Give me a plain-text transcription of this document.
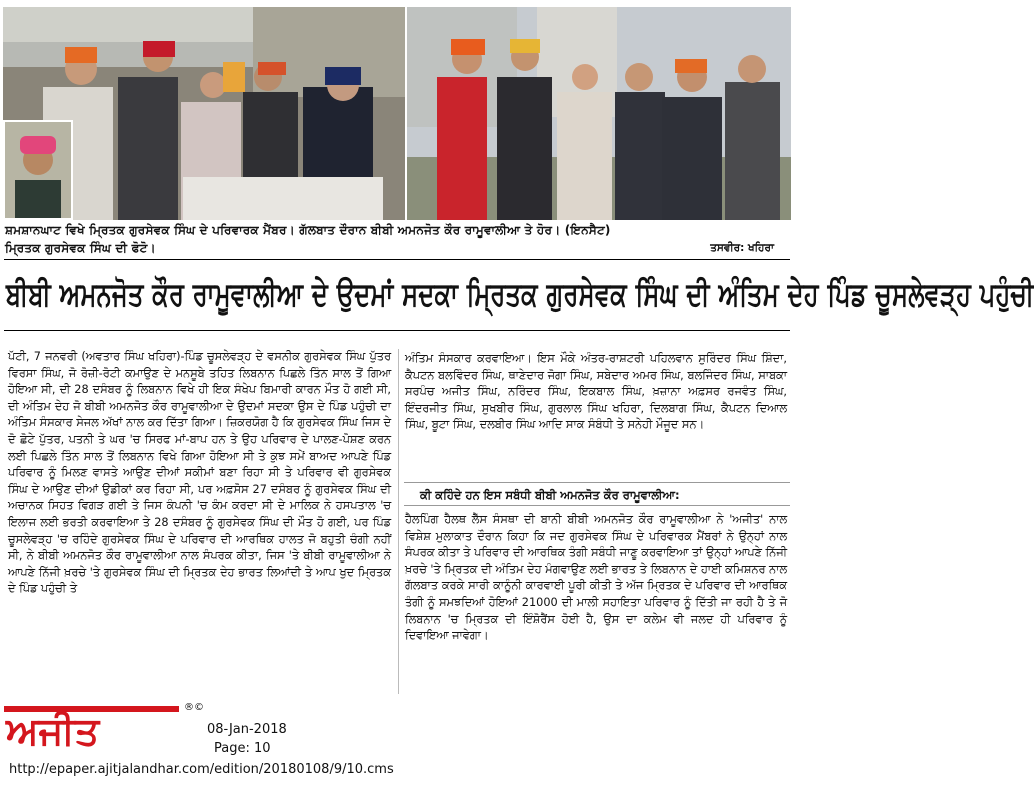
ਸ਼ਮਸ਼ਾਨਘਾਟ ਵਿਖੇ ਮ੍ਰਿਤਕ ਗੁਰਸੇਵਕ ਸਿੰਘ ਦੇ ਪਰਿਵਾਰਕ ਮੈਂਬਰ। ਗੱਲਬਾਤ ਦੌਰਾਨ ਬੀਬੀ ਅਮਨਜੋਤ ਕੌਰ ਰਾਮੂਵਾਲੀਆ ਤੇ ਹੋਰ। (ਇਨਸੈਟ)
ਮ੍ਰਿਤਕ ਗੁਰਸੇਵਕ ਸਿੰਘ ਦੀ ਫੋਟੋ।	ਤਸਵੀਰ: ਖਹਿਰਾ
ਬੀਬੀ ਅਮਨਜੋਤ ਕੌਰ ਰਾਮੂਵਾਲੀਆ ਦੇ ਉਦਮਾਂ ਸਦਕਾ ਮ੍ਰਿਤਕ ਗੁਰਸੇਵਕ ਸਿੰਘ ਦੀ ਅੰਤਿਮ ਦੇਹ ਪਿੰਡ ਚੂਸਲੇਵੜ੍ਹ ਪਹੁੰਚੀ

ਪੱਟੀ, 7 ਜਨਵਰੀ (ਅਵਤਾਰ ਸਿੰਘ ਖਹਿਰਾ)-ਪਿੰਡ ਚੂਸਲੇਵੜ੍ਹ ਦੇ ਵਸਨੀਕ ਗੁਰਸੇਵਕ ਸਿੰਘ ਪੁੱਤਰ ਵਿਰਸਾ ਸਿੰਘ, ਜੋ ਰੋਜ਼ੀ-ਰੋਟੀ ਕਮਾਉਣ ਦੇ ਮਨਸੂਬੇ ਤਹਿਤ ਲਿਬਨਾਨ ਪਿਛਲੇ ਤਿੰਨ ਸਾਲ ਤੋਂ ਗਿਆ ਹੋਇਆ ਸੀ, ਦੀ 28 ਦਸੰਬਰ ਨੂੰ ਲਿਬਨਾਨ ਵਿਖੇ ਹੀ ਇਕ ਸੰਖੇਪ ਬਿਮਾਰੀ ਕਾਰਨ ਮੌਤ ਹੋ ਗਈ ਸੀ, ਦੀ ਅੰਤਿਮ ਦੇਹ ਜੋ ਬੀਬੀ ਅਮਨਜੋਤ ਕੌਰ ਰਾਮੂਵਾਲੀਆ ਦੇ ਉਦਮਾਂ ਸਦਕਾ ਉਸ ਦੇ ਪਿੰਡ ਪਹੁੰਚੀ ਦਾ ਅੰਤਿਮ ਸੰਸਕਾਰ ਸੇਜਲ ਅੱਖਾਂ ਨਾਲ ਕਰ ਦਿੱਤਾ ਗਿਆ। ਜ਼ਿਕਰਯੋਗ ਹੈ ਕਿ ਗੁਰਸੇਵਕ ਸਿੰਘ ਜਿਸ ਦੇ ਦੋ ਛੋਟੇ ਪੁੱਤਰ, ਪਤਨੀ ਤੇ ਘਰ 'ਚ ਸਿਰਫ ਮਾਂ-ਬਾਪ ਹਨ ਤੇ ਉਹ ਪਰਿਵਾਰ ਦੇ ਪਾਲਣ-ਪੋਸ਼ਣ ਕਰਨ ਲਈ ਪਿਛਲੇ ਤਿੰਨ ਸਾਲ ਤੋਂ ਲਿਬਨਾਨ ਵਿਖੇ ਗਿਆ ਹੋਇਆ ਸੀ ਤੇ ਕੁਝ ਸਮੇਂ ਬਾਅਦ ਆਪਣੇ ਪਿੰਡ ਪਰਿਵਾਰ ਨੂੰ ਮਿਲਣ ਵਾਸਤੇ ਆਉਣ ਦੀਆਂ ਸਕੀਮਾਂ ਬਣਾ ਰਿਹਾ ਸੀ ਤੇ ਪਰਿਵਾਰ ਵੀ ਗੁਰਸੇਵਕ ਸਿੰਘ ਦੇ ਆਉਣ ਦੀਆਂ ਉਡੀਕਾਂ ਕਰ ਰਿਹਾ ਸੀ, ਪਰ ਅਫ਼ਸੋਸ 27 ਦਸੰਬਰ ਨੂੰ ਗੁਰਸੇਵਕ ਸਿੰਘ ਦੀ ਅਚਾਨਕ ਸਿਹਤ ਵਿਗੜ ਗਈ ਤੇ ਜਿਸ ਕੰਪਨੀ 'ਚ ਕੰਮ ਕਰਦਾ ਸੀ ਦੇ ਮਾਲਿਕ ਨੇ ਹਸਪਤਾਲ 'ਚ ਇਲਾਜ ਲਈ ਭਰਤੀ ਕਰਵਾਇਆ ਤੇ 28 ਦਸੰਬਰ ਨੂੰ ਗੁਰਸੇਵਕ ਸਿੰਘ ਦੀ ਮੌਤ ਹੋ ਗਈ, ਪਰ ਪਿੰਡ ਚੂਸਲੇਵੜ੍ਹ 'ਚ ਰਹਿੰਦੇ ਗੁਰਸੇਵਕ ਸਿੰਘ ਦੇ ਪਰਿਵਾਰ ਦੀ ਆਰਥਿਕ ਹਾਲਤ ਜੋ ਬਹੁਤੀ ਚੰਗੀ ਨਹੀਂ ਸੀ, ਨੇ ਬੀਬੀ ਅਮਨਜੋਤ ਕੌਰ ਰਾਮੂਵਾਲੀਆ ਨਾਲ ਸੰਪਰਕ ਕੀਤਾ, ਜਿਸ 'ਤੇ ਬੀਬੀ ਰਾਮੂਵਾਲੀਆ ਨੇ ਆਪਣੇ ਨਿੱਜੀ ਖ਼ਰਚੇ 'ਤੇ ਗੁਰਸੇਵਕ ਸਿੰਘ ਦੀ ਮ੍ਰਿਤਕ ਦੇਹ ਭਾਰਤ ਲਿਆਂਦੀ ਤੇ ਆਪ ਖੁਦ ਮ੍ਰਿਤਕ ਦੇ ਪਿੰਡ ਪਹੁੰਚੀ ਤੇ

ਅੰਤਿਮ ਸੰਸਕਾਰ ਕਰਵਾਇਆ। ਇਸ ਮੌਕੇ ਅੰਤਰ-ਰਾਸ਼ਟਰੀ ਪਹਿਲਵਾਨ ਸੁਰਿੰਦਰ ਸਿੰਘ ਸ਼ਿੰਦਾ, ਕੈਪਟਨ ਬਲਵਿੰਦਰ ਸਿੰਘ, ਥਾਣੇਦਾਰ ਜੋਗਾ ਸਿੰਘ, ਸਬੇਦਾਰ ਅਮਰ ਸਿੰਘ, ਬਲਜਿੰਦਰ ਸਿੰਘ, ਸਾਬਕਾ ਸਰਪੰਚ ਅਜੀਤ ਸਿੰਘ, ਨਰਿੰਦਰ ਸਿੰਘ, ਇਕਬਾਲ ਸਿੰਘ, ਖ਼ਜ਼ਾਨਾ ਅਫ਼ਸਰ ਰਜਵੰਤ ਸਿੰਘ, ਇੰਦਰਜੀਤ ਸਿੰਘ, ਸੁਖਬੀਰ ਸਿੰਘ, ਗੁਰਲਾਲ ਸਿੰਘ ਖਹਿਰਾ, ਦਿਲਬਾਗ ਸਿੰਘ, ਕੈਪਟਨ ਦਿਆਲ ਸਿੰਘ, ਬੂਟਾ ਸਿੰਘ, ਦਲਬੀਰ ਸਿੰਘ ਆਦਿ ਸਾਕ ਸੰਬੰਧੀ ਤੇ ਸਨੇਹੀ ਮੌਜੂਦ ਸਨ।

ਕੀ ਕਹਿੰਦੇ ਹਨ ਇਸ ਸਬੰਧੀ ਬੀਬੀ ਅਮਨਜੋਤ ਕੌਰ ਰਾਮੂਵਾਲੀਆ:

ਹੈਲਪਿੰਗ ਹੈਲਥ ਲੈੱਸ ਸੰਸਥਾ ਦੀ ਬਾਨੀ ਬੀਬੀ ਅਮਨਜੋਤ ਕੌਰ ਰਾਮੂਵਾਲੀਆ ਨੇ 'ਅਜੀਤ' ਨਾਲ ਵਿਸ਼ੇਸ਼ ਮੁਲਾਕਾਤ ਦੌਰਾਨ ਕਿਹਾ ਕਿ ਜਦ ਗੁਰਸੇਵਕ ਸਿੰਘ ਦੇ ਪਰਿਵਾਰਕ ਮੈਂਬਰਾਂ ਨੇ ਉਨ੍ਹਾਂ ਨਾਲ ਸੰਪਰਕ ਕੀਤਾ ਤੇ ਪਰਿਵਾਰ ਦੀ ਆਰਥਿਕ ਤੰਗੀ ਸਬੰਧੀ ਜਾਣੂ ਕਰਵਾਇਆ ਤਾਂ ਉਨ੍ਹਾਂ ਆਪਣੇ ਨਿੱਜੀ ਖ਼ਰਚੇ 'ਤੇ ਮ੍ਰਿਤਕ ਦੀ ਅੰਤਿਮ ਦੇਹ ਮੰਗਵਾਉਣ ਲਈ ਭਾਰਤ ਤੇ ਲਿਬਨਾਨ ਦੇ ਹਾਈ ਕਮਿਸ਼ਨਰ ਨਾਲ ਗੱਲਬਾਤ ਕਰਕੇ ਸਾਰੀ ਕਾਨੂੰਨੀ ਕਾਰਵਾਈ ਪੂਰੀ ਕੀਤੀ ਤੇ ਅੱਜ ਮ੍ਰਿਤਕ ਦੇ ਪਰਿਵਾਰ ਦੀ ਆਰਥਿਕ ਤੰਗੀ ਨੂੰ ਸਮਝਦਿਆਂ ਹੋਇਆਂ 21000 ਦੀ ਮਾਲੀ ਸਹਾਇਤਾ ਪਰਿਵਾਰ ਨੂੰ ਦਿੱਤੀ ਜਾ ਰਹੀ ਹੈ ਤੇ ਜੋ ਲਿਬਨਾਨ 'ਚ ਮ੍ਰਿਤਕ ਦੀ ਇੰਸ਼ੋਰੈਂਸ ਹੋਈ ਹੈ, ਉਸ ਦਾ ਕਲੇਮ ਵੀ ਜਲਦ ਹੀ ਪਰਿਵਾਰ ਨੂੰ ਦਿਵਾਇਆ ਜਾਵੇਗਾ।

ਅਜੀਤ
®©
08-Jan-2018
Page: 10
http://epaper.ajitjalandhar.com/edition/20180108/9/10.cms
